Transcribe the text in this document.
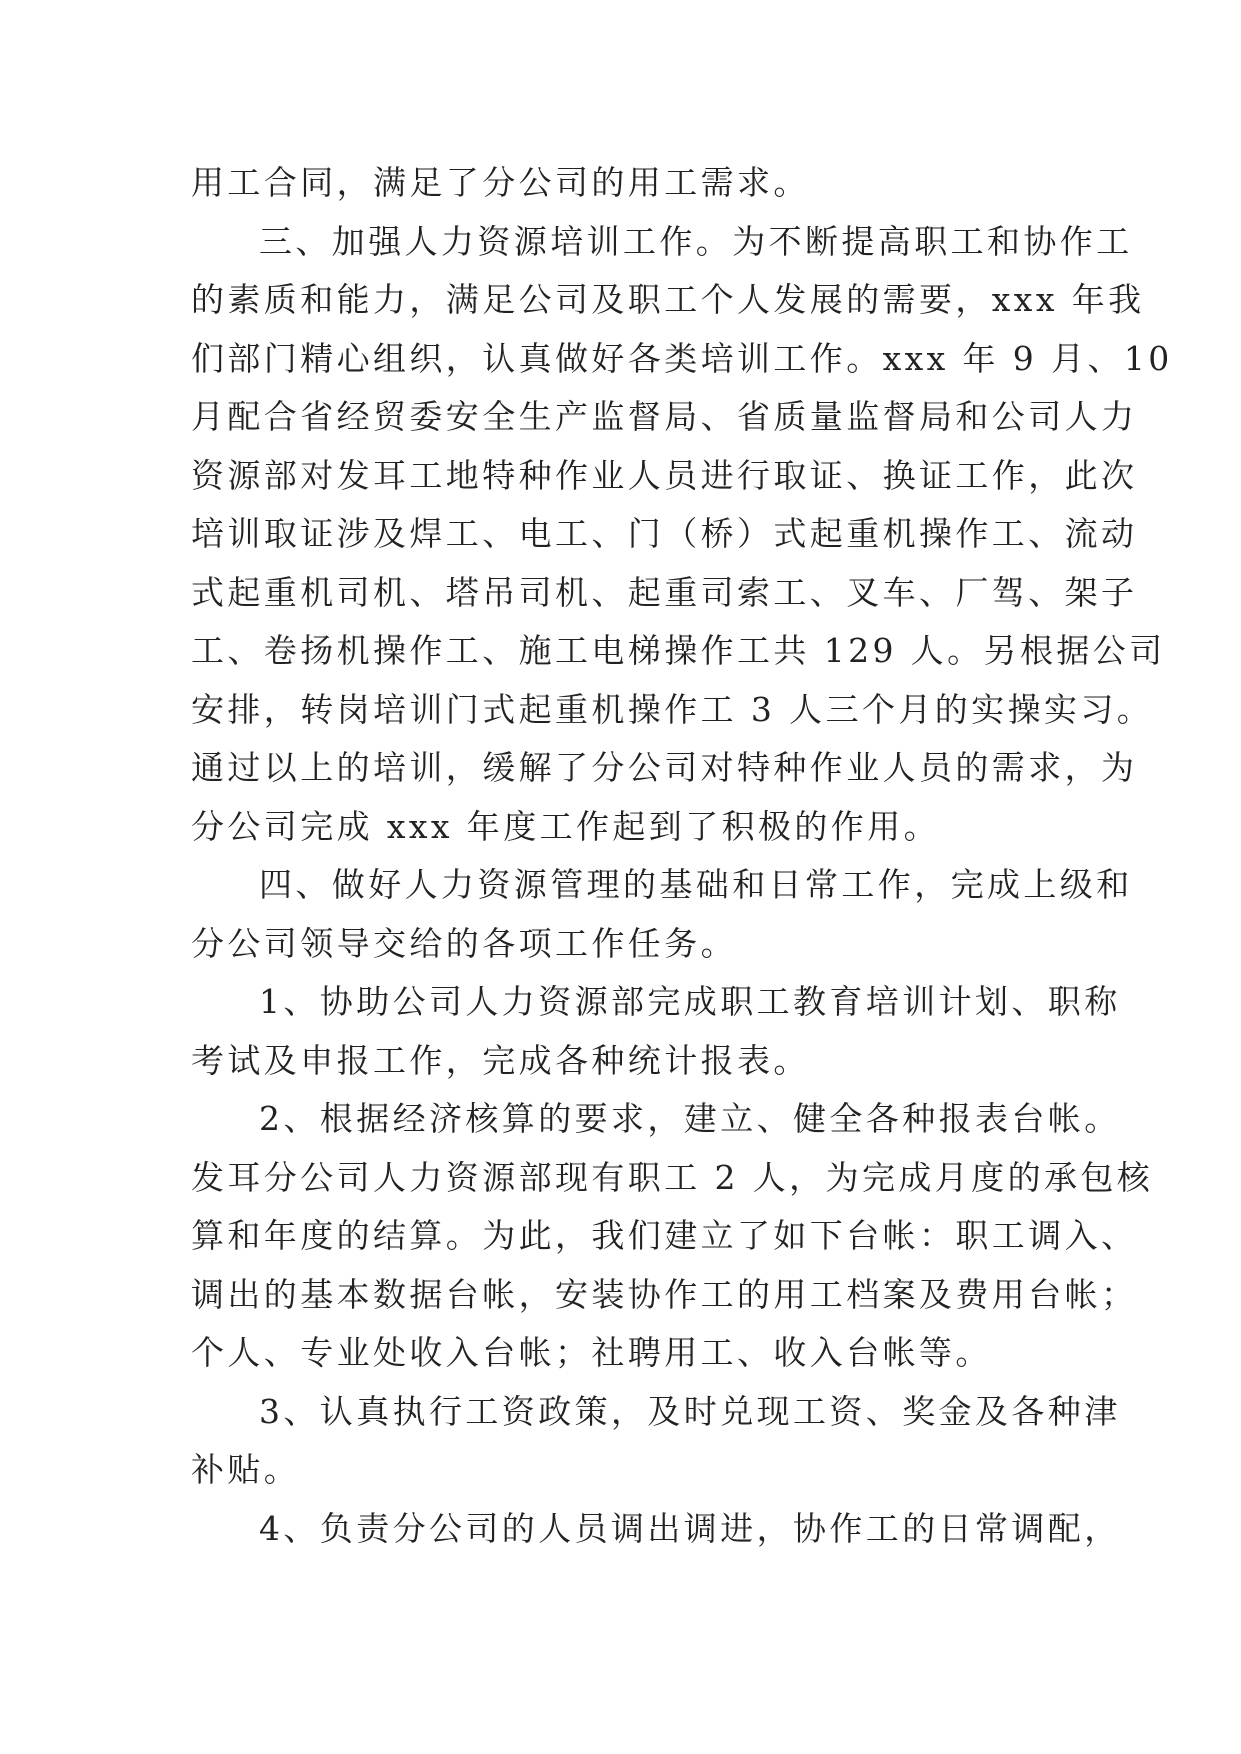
用工合同，满足了分公司的用工需求。
三、加强人力资源培训工作。为不断提高职工和协作工
的素质和能力，满足公司及职工个人发展的需要，xxx 年我
们部门精心组织，认真做好各类培训工作。xxx 年 9 月、10
月配合省经贸委安全生产监督局、省质量监督局和公司人力
资源部对发耳工地特种作业人员进行取证、换证工作，此次
培训取证涉及焊工、电工、门（桥）式起重机操作工、流动
式起重机司机、塔吊司机、起重司索工、叉车、厂驾、架子
工、卷扬机操作工、施工电梯操作工共 129 人。另根据公司
安排，转岗培训门式起重机操作工 3 人三个月的实操实习。
通过以上的培训，缓解了分公司对特种作业人员的需求，为
分公司完成 xxx 年度工作起到了积极的作用。
四、做好人力资源管理的基础和日常工作，完成上级和
分公司领导交给的各项工作任务。
1、协助公司人力资源部完成职工教育培训计划、职称
考试及申报工作，完成各种统计报表。
2、根据经济核算的要求，建立、健全各种报表台帐。
发耳分公司人力资源部现有职工 2 人，为完成月度的承包核
算和年度的结算。为此，我们建立了如下台帐：职工调入、
调出的基本数据台帐，安装协作工的用工档案及费用台帐；
个人、专业处收入台帐；社聘用工、收入台帐等。
3、认真执行工资政策，及时兑现工资、奖金及各种津
补贴。
4、负责分公司的人员调出调进，协作工的日常调配，
